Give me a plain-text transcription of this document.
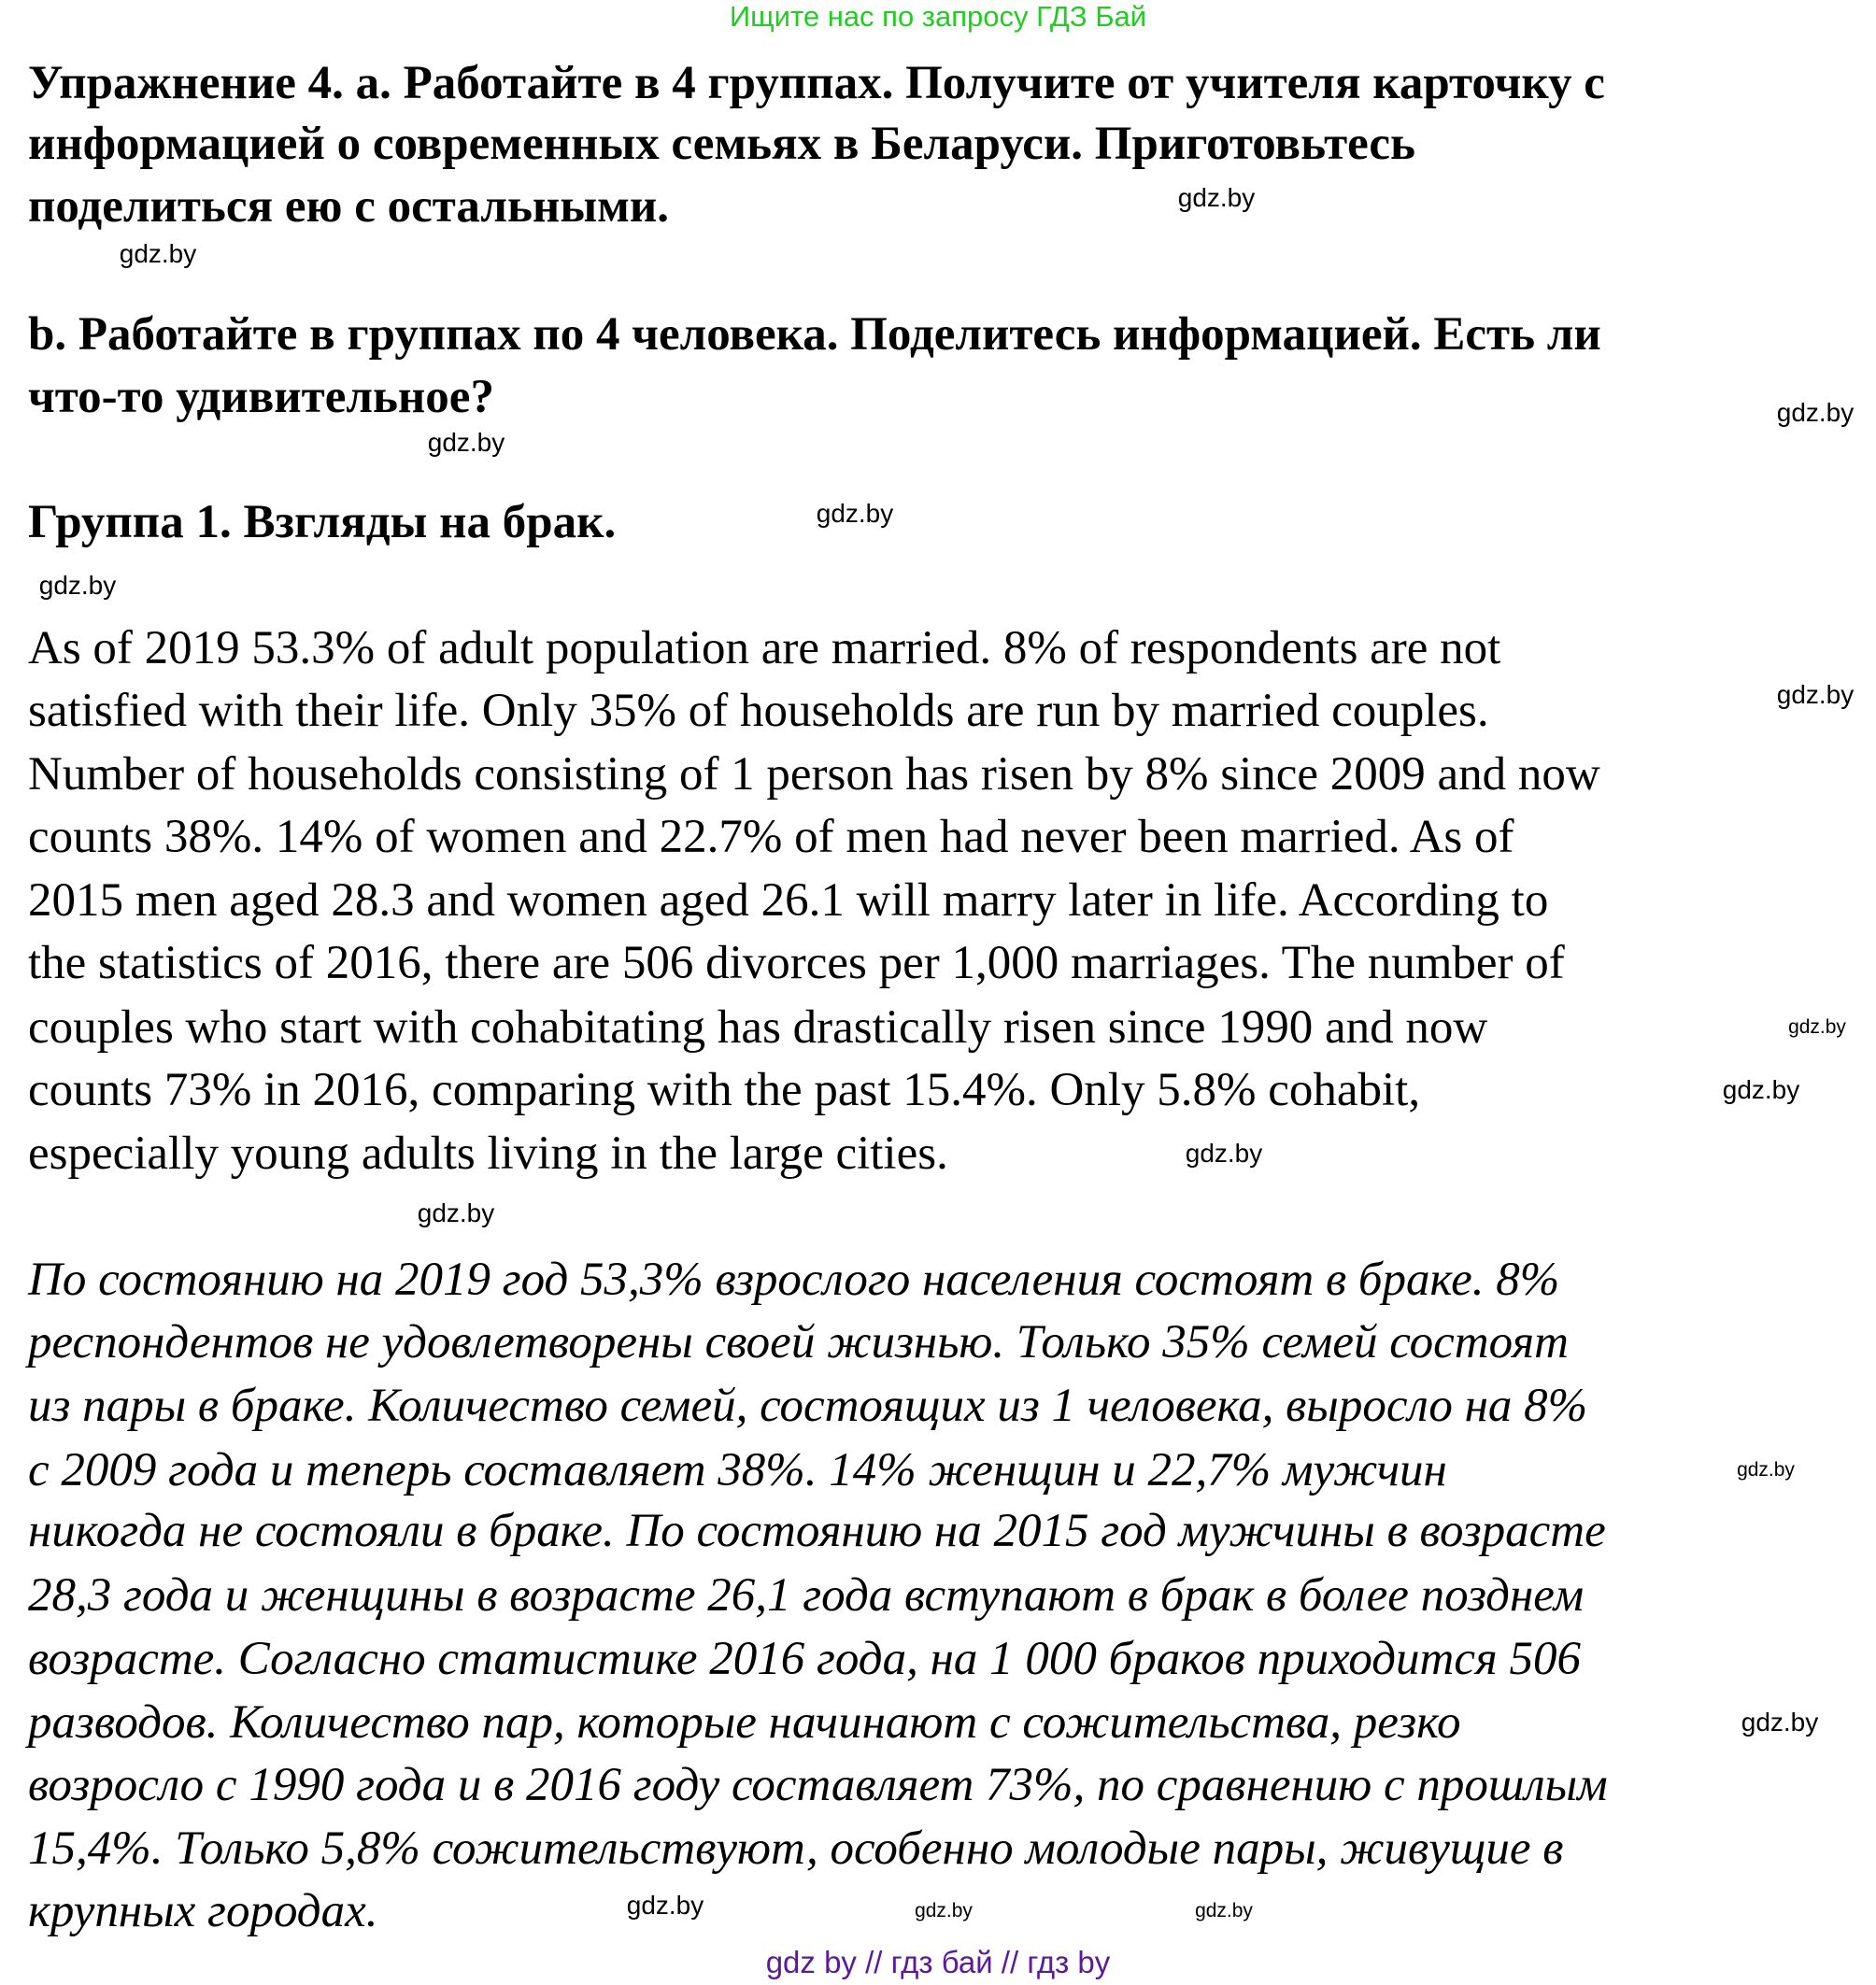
Ищите нас по запросу ГДЗ Бай
Упражнение 4. a. Работайте в 4 группах. Получите от учителя карточку с
информацией о современных семьях в Беларуси. Приготовьтесь
поделиться ею с остальными.
b. Работайте в группах по 4 человека. Поделитесь информацией. Есть ли
что-то удивительное?
Группа 1. Взгляды на брак.
As of 2019 53.3% of adult population are married. 8% of respondents are not
satisfied with their life. Only 35% of households are run by married couples.
Number of households consisting of 1 person has risen by 8% since 2009 and now
counts 38%. 14% of women and 22.7% of men had never been married. As of
2015 men aged 28.3 and women aged 26.1 will marry later in life. According to
the statistics of 2016, there are 506 divorces per 1,000 marriages. The number of
couples who start with cohabitating has drastically risen since 1990 and now
counts 73% in 2016, comparing with the past 15.4%. Only 5.8% cohabit,
especially young adults living in the large cities.
По состоянию на 2019 год 53,3% взрослого населения состоят в браке. 8%
респондентов не удовлетворены своей жизнью. Только 35% семей состоят
из пары в браке. Количество семей, состоящих из 1 человека, выросло на 8%
с 2009 года и теперь составляет 38%. 14% женщин и 22,7% мужчин
никогда не состояли в браке. По состоянию на 2015 год мужчины в возрасте
28,3 года и женщины в возрасте 26,1 года вступают в брак в более позднем
возрасте. Согласно статистике 2016 года, на 1 000 браков приходится 506
разводов. Количество пар, которые начинают с сожительства, резко
возросло с 1990 года и в 2016 году составляет 73%, по сравнению с прошлым
15,4%. Только 5,8% сожительствуют, особенно молодые пары, живущие в
крупных городах.
gdz.by
gdz.by
gdz.by
gdz.by
gdz.by
gdz.by
gdz.by
gdz.by
gdz.by
gdz.by
gdz.by
gdz.by
gdz.by
gdz.by
gdz.by
gdz.by
gdz by // гдз бай // гдз by
